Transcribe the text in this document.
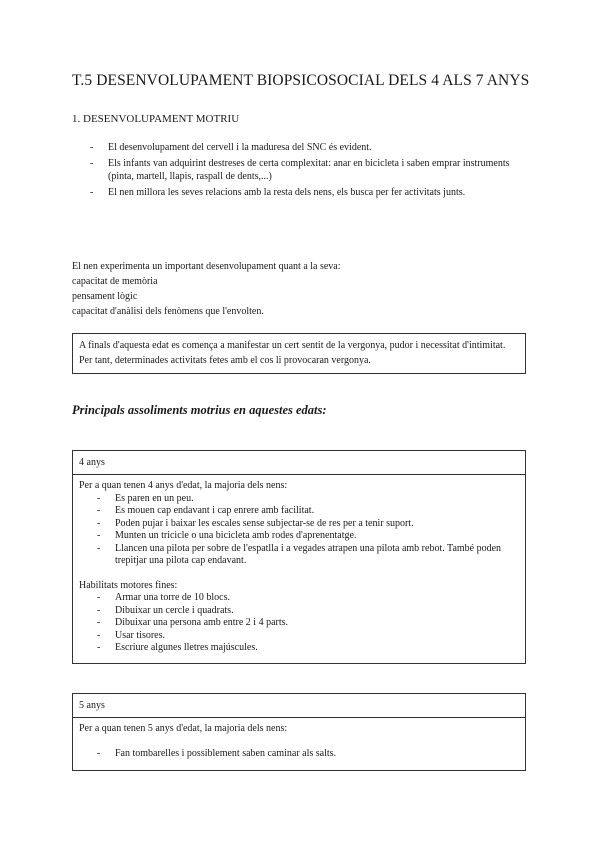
T.5 DESENVOLUPAMENT BIOPSICOSOCIAL DELS 4 ALS 7 ANYS
1. DESENVOLUPAMENT MOTRIU
- El desenvolupament del cervell i la maduresa del SNC és evident.
- Els infants van adquirint destreses de certa complexitat: anar en bicicleta i saben emprar instruments (pinta, martell, llapis, raspall de dents,...)
- El nen millora les seves relacions amb la resta dels nens, els busca per fer activitats junts.
El nen experimenta un important desenvolupament quant a la seva:
capacitat de memòria
pensament lògic
capacitat d'anàlisi dels fenòmens que l'envolten.
A finals d'aquesta edat es comença a manifestar un cert sentit de la vergonya, pudor i necessitat d'intimitat. Per tant, determinades activitats fetes amb el cos li provocaran vergonya.
Principals assoliments motrius en aquestes edats:
4 anys
Per a quan tenen 4 anys d'edat, la majoria dels nens:
- Es paren en un peu.
- Es mouen cap endavant i cap enrere amb facilitat.
- Poden pujar i baixar les escales sense subjectar-se de res per a tenir suport.
- Munten un tricicle o una bicicleta amb rodes d'aprenentatge.
- Llancen una pilota per sobre de l'espatlla i a vegades atrapen una pilota amb rebot. També poden trepitjar una pilota cap endavant.
Habilitats motores fines:
- Armar una torre de 10 blocs.
- Dibuixar un cercle i quadrats.
- Dibuixar una persona amb entre 2 i 4 parts.
- Usar tisores.
- Escriure algunes lletres majúscules.
5 anys
Per a quan tenen 5 anys d'edat, la majoria dels nens:
- Fan tombarelles i possiblement saben caminar als salts.
